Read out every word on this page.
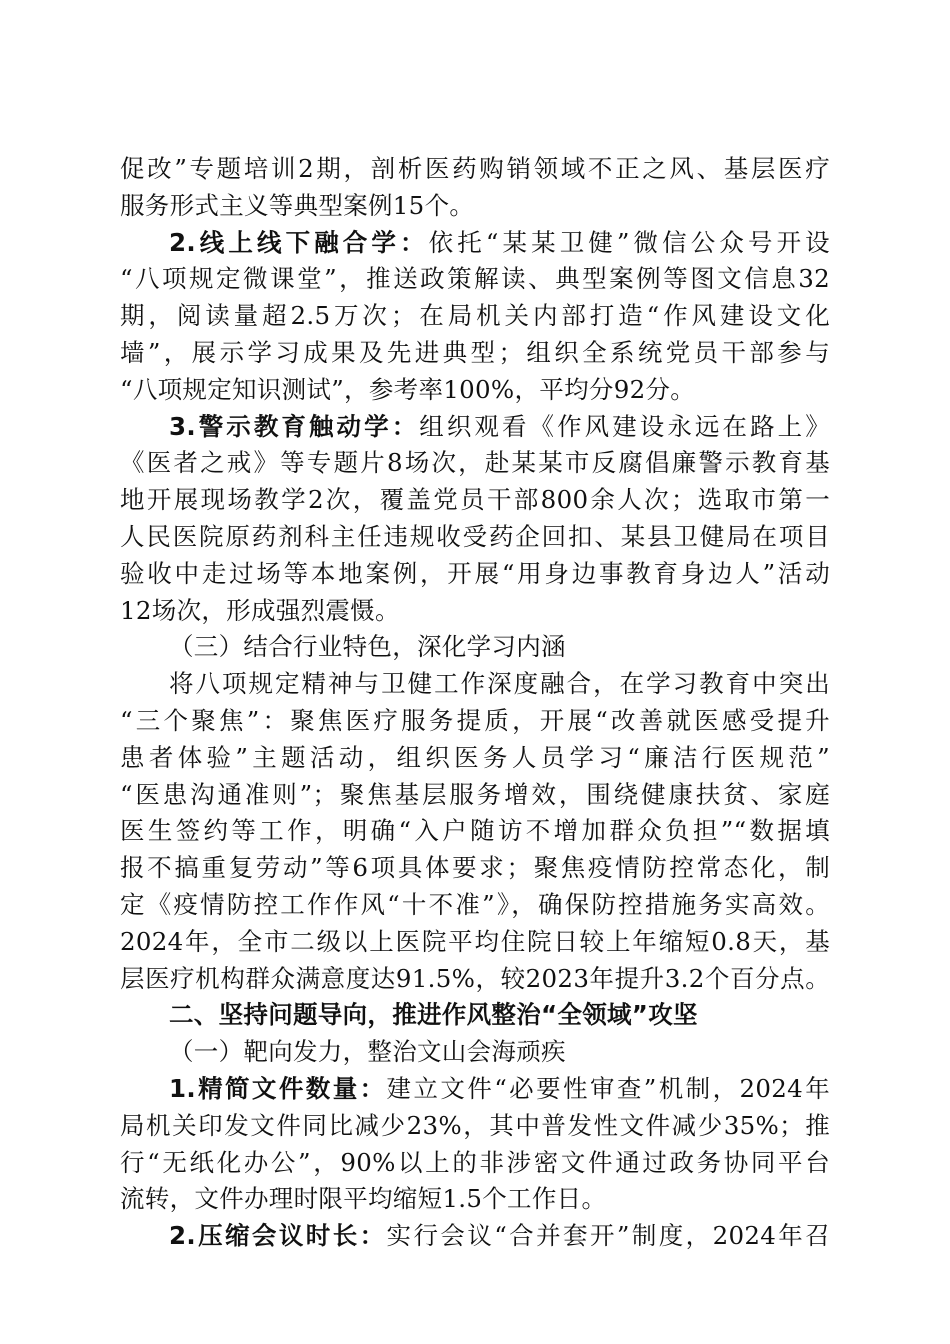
促改”专题培训2期，剖析医药购销领域不正之风、基层医疗
服务形式主义等典型案例15个。
2.线上线下融合学：依托“某某卫健”微信公众号开设
“八项规定微课堂”，推送政策解读、典型案例等图文信息32
期，阅读量超2.5万次；在局机关内部打造“作风建设文化
墙”，展示学习成果及先进典型；组织全系统党员干部参与
“八项规定知识测试”，参考率100%，平均分92分。
3.警示教育触动学：组织观看《作风建设永远在路上》
《医者之戒》等专题片8场次，赴某某市反腐倡廉警示教育基
地开展现场教学2次，覆盖党员干部800余人次；选取市第一
人民医院原药剂科主任违规收受药企回扣、某县卫健局在项目
验收中走过场等本地案例，开展“用身边事教育身边人”活动
12场次，形成强烈震慑。
（三）结合行业特色，深化学习内涵
将八项规定精神与卫健工作深度融合，在学习教育中突出
“三个聚焦”：聚焦医疗服务提质，开展“改善就医感受提升
患者体验”主题活动，组织医务人员学习“廉洁行医规范”
“医患沟通准则”；聚焦基层服务增效，围绕健康扶贫、家庭
医生签约等工作，明确“入户随访不增加群众负担”“数据填
报不搞重复劳动”等6项具体要求；聚焦疫情防控常态化，制
定《疫情防控工作作风“十不准”》，确保防控措施务实高效。
2024年，全市二级以上医院平均住院日较上年缩短0.8天，基
层医疗机构群众满意度达91.5%，较2023年提升3.2个百分点。
二、坚持问题导向，推进作风整治“全领域”攻坚
（一）靶向发力，整治文山会海顽疾
1.精简文件数量：建立文件“必要性审查”机制，2024年
局机关印发文件同比减少23%，其中普发性文件减少35%；推
行“无纸化办公”，90%以上的非涉密文件通过政务协同平台
流转，文件办理时限平均缩短1.5个工作日。
2.压缩会议时长：实行会议“合并套开”制度，2024年召
